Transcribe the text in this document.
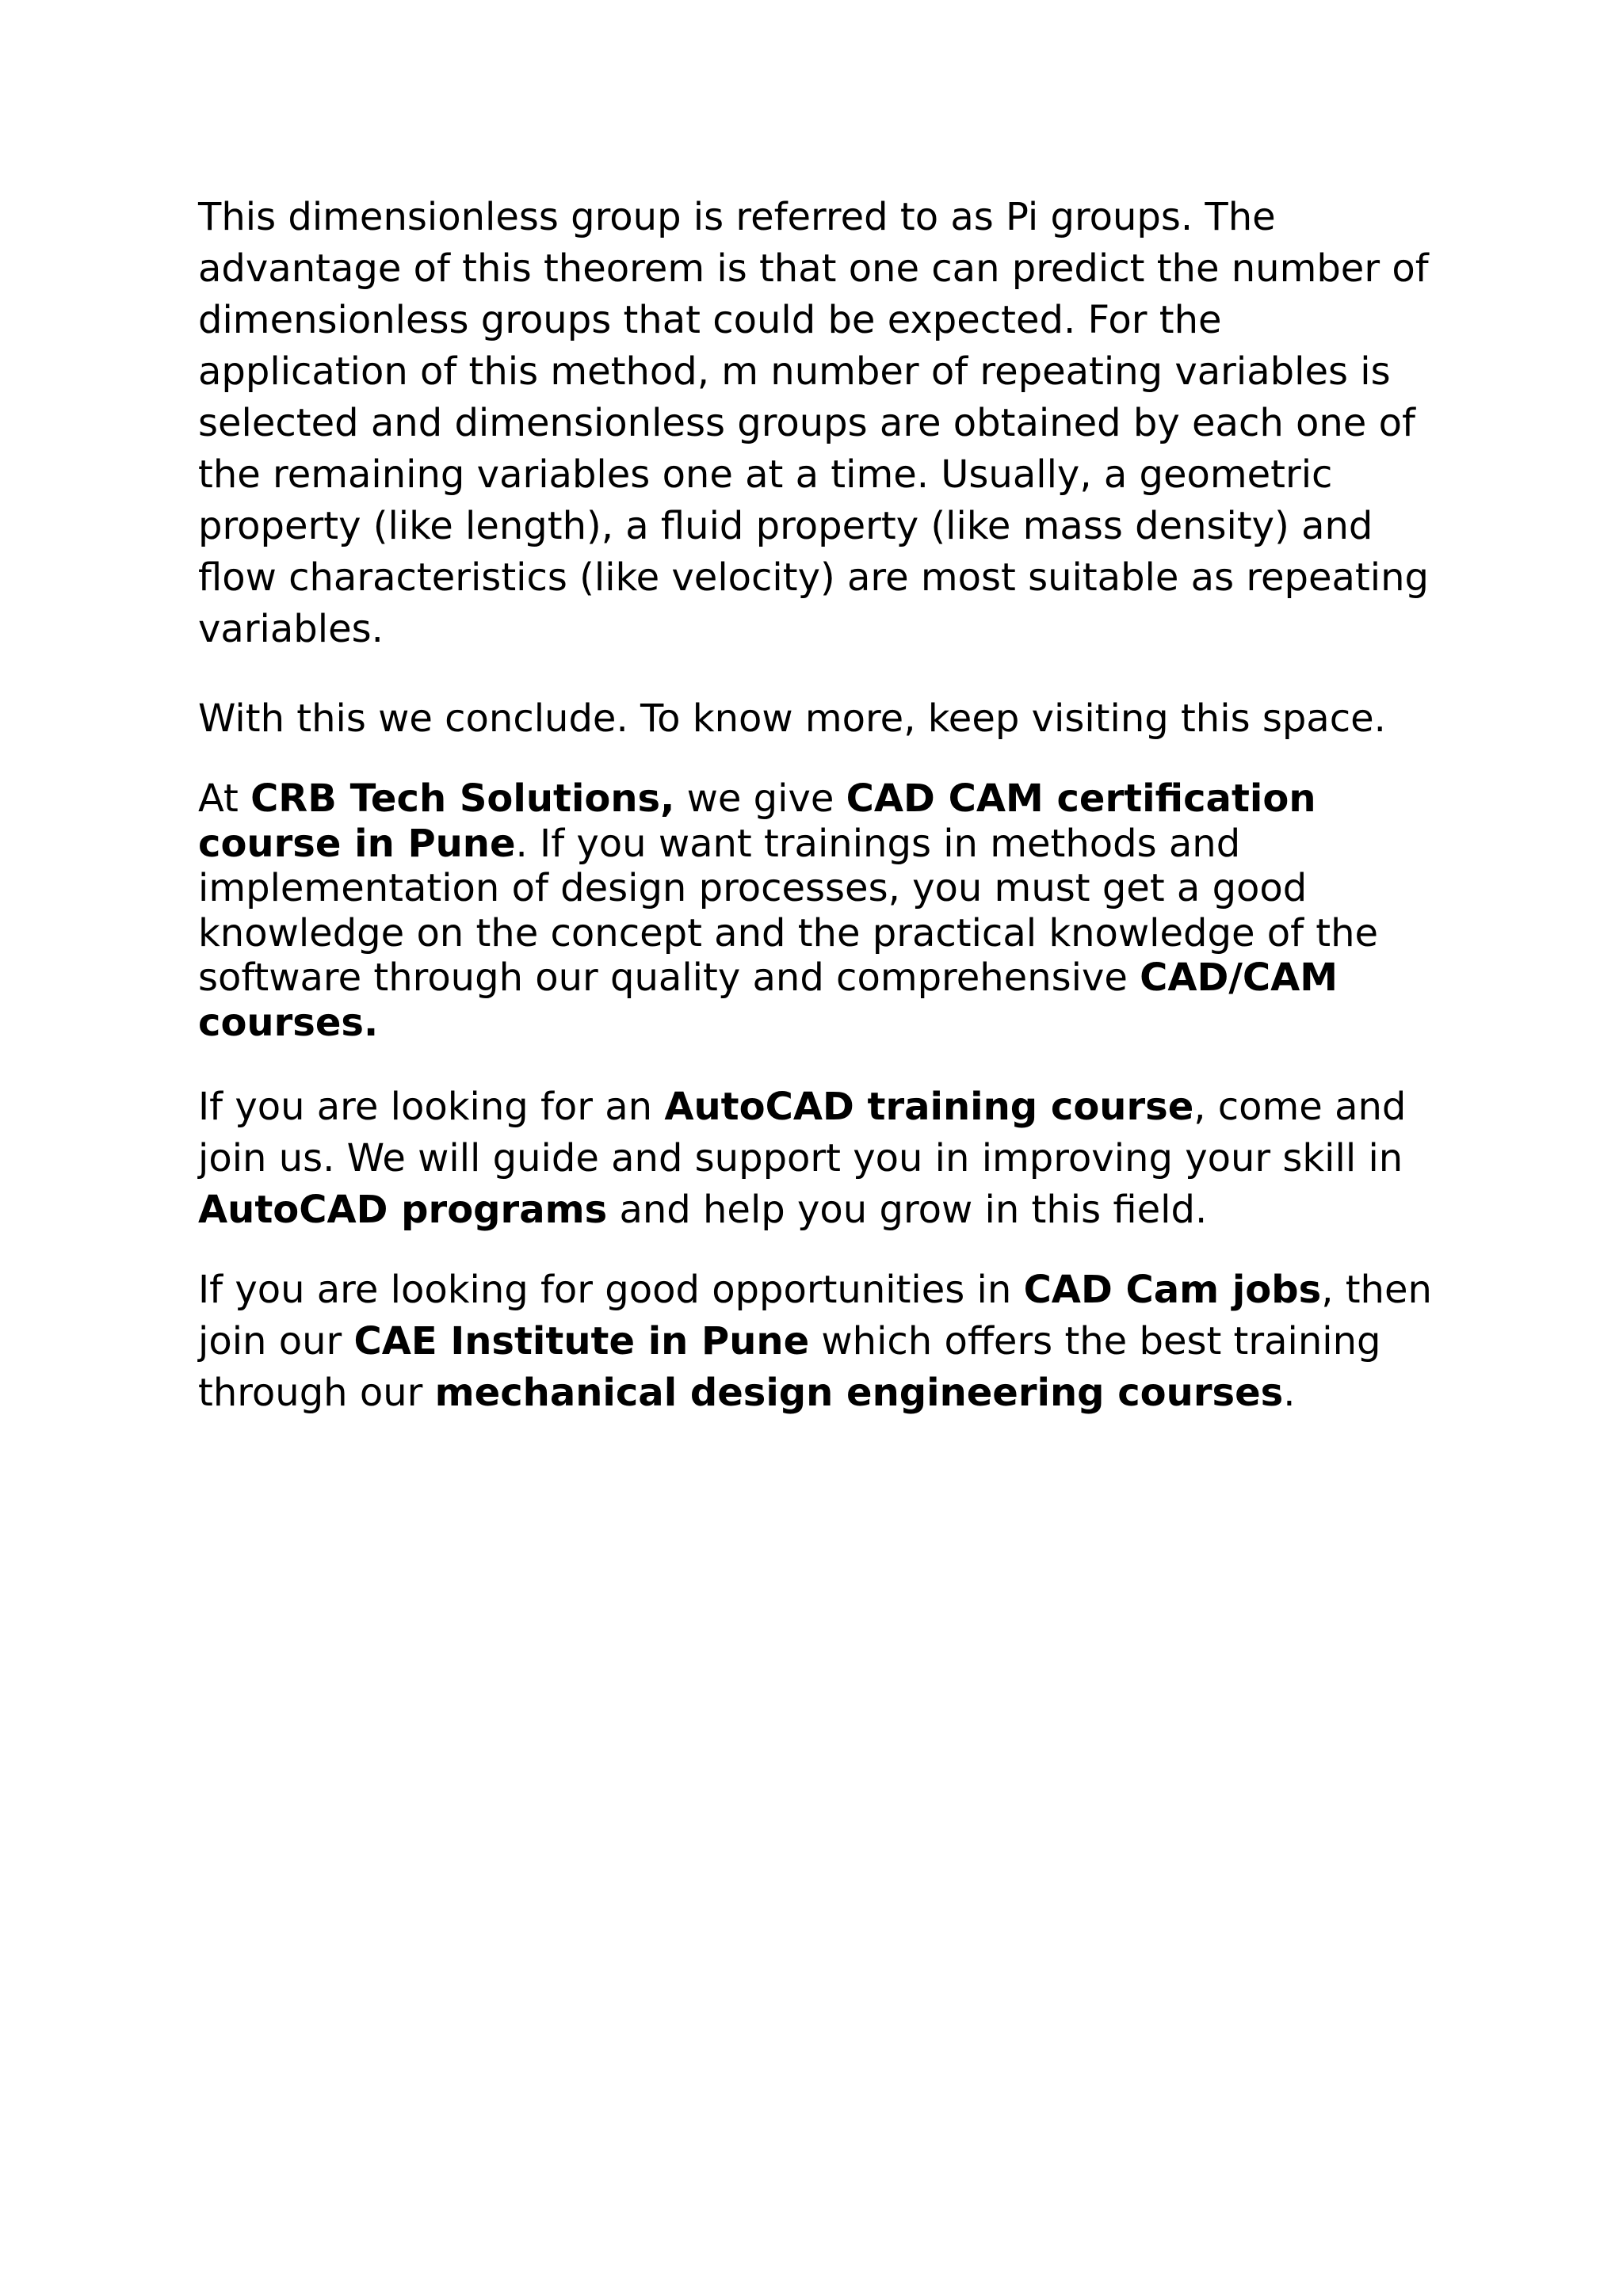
This dimensionless group is referred to as Pi groups. The advantage of this theorem is that one can predict the number of dimensionless groups that could be expected. For the application of this method, m number of repeating variables is selected and dimensionless groups are obtained by each one of the remaining variables one at a time. Usually, a geometric property (like length), a fluid property (like mass density) and flow characteristics (like velocity) are most suitable as repeating variables.

With this we conclude. To know more, keep visiting this space.

At CRB Tech Solutions, we give CAD CAM certification course in Pune. If you want trainings in methods and implementation of design processes, you must get a good knowledge on the concept and the practical knowledge of the software through our quality and comprehensive CAD/CAM courses.

If you are looking for an AutoCAD training course, come and join us. We will guide and support you in improving your skill in AutoCAD programs and help you grow in this field.

If you are looking for good opportunities in CAD Cam jobs, then join our CAE Institute in Pune which offers the best training through our mechanical design engineering courses.
